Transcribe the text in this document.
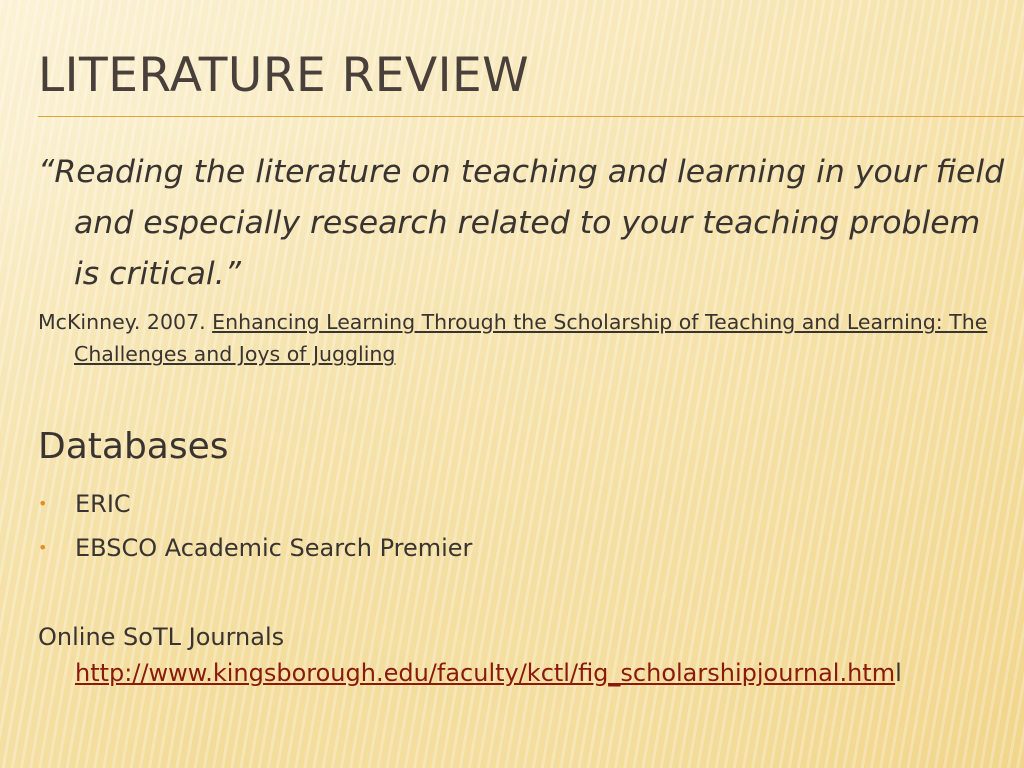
LITERATURE REVIEW

“Reading the literature on teaching and learning in your field and especially research related to your teaching problem is critical.”

McKinney. 2007. Enhancing Learning Through the Scholarship of Teaching and Learning: The Challenges and Joys of Juggling

Databases
• ERIC
• EBSCO Academic Search Premier

Online SoTL Journals
http://www.kingsborough.edu/faculty/kctl/fig_scholarshipjournal.html
